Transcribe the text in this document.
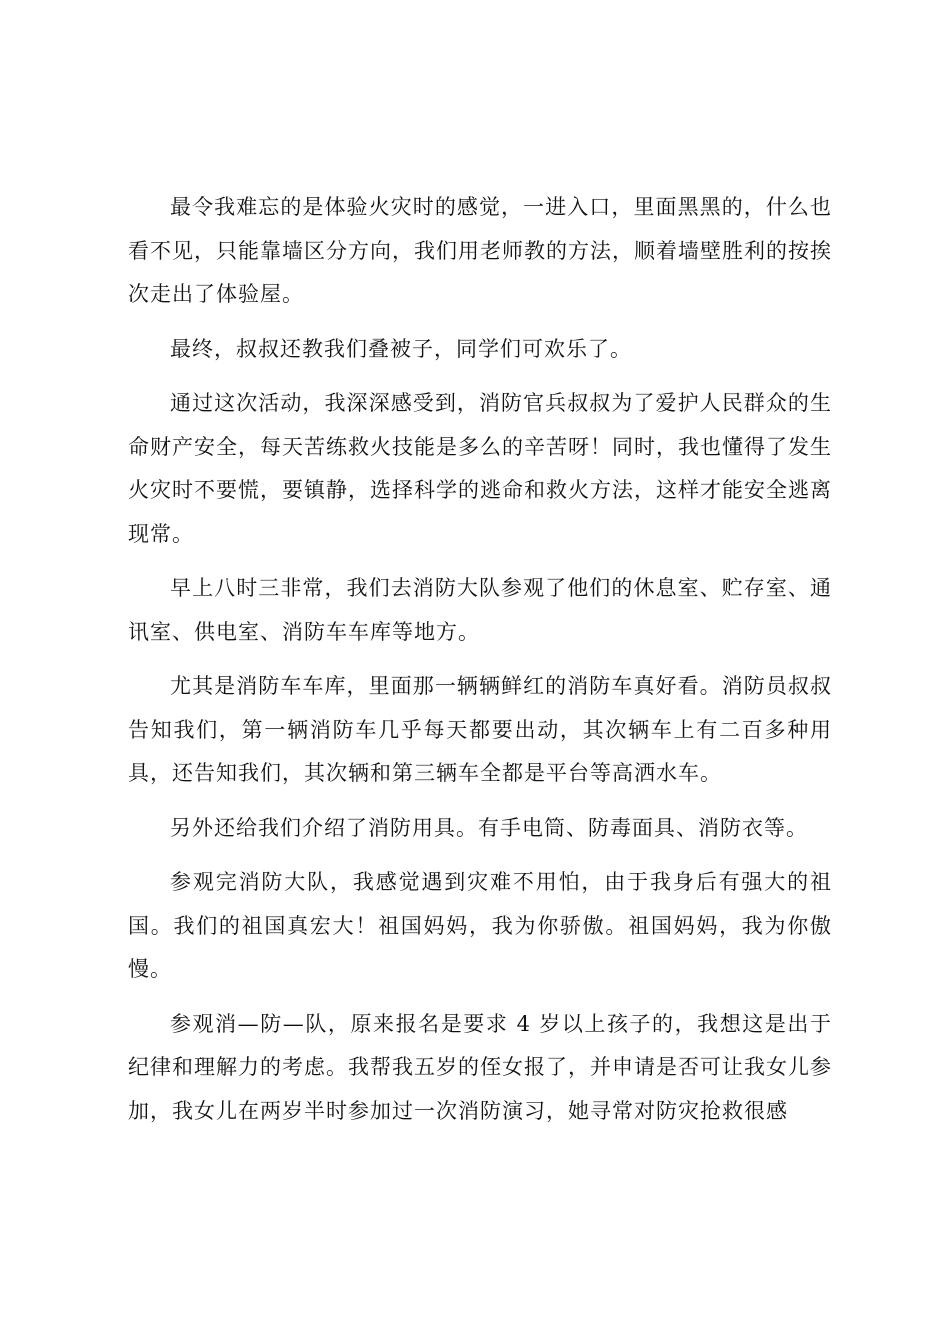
最令我难忘的是体验火灾时的感觉，一进入口，里面黑黑的，什么也看不见，只能靠墙区分方向，我们用老师教的方法，顺着墙壁胜利的按挨次走出了体验屋。

最终，叔叔还教我们叠被子，同学们可欢乐了。

通过这次活动，我深深感受到，消防官兵叔叔为了爱护人民群众的生命财产安全，每天苦练救火技能是多么的辛苦呀！同时，我也懂得了发生火灾时不要慌，要镇静，选择科学的逃命和救火方法，这样才能安全逃离现常。

早上八时三非常，我们去消防大队参观了他们的休息室、贮存室、通讯室、供电室、消防车车库等地方。

尤其是消防车车库，里面那一辆辆鲜红的消防车真好看。消防员叔叔告知我们，第一辆消防车几乎每天都要出动，其次辆车上有二百多种用具，还告知我们，其次辆和第三辆车全都是平台等高洒水车。

另外还给我们介绍了消防用具。有手电筒、防毒面具、消防衣等。

参观完消防大队，我感觉遇到灾难不用怕，由于我身后有强大的祖国。我们的祖国真宏大！祖国妈妈，我为你骄傲。祖国妈妈，我为你傲慢。

参观消—防—队，原来报名是要求 4 岁以上孩子的，我想这是出于纪律和理解力的考虑。我帮我五岁的侄女报了，并申请是否可让我女儿参加，我女儿在两岁半时参加过一次消防演习，她寻常对防灾抢救很感
